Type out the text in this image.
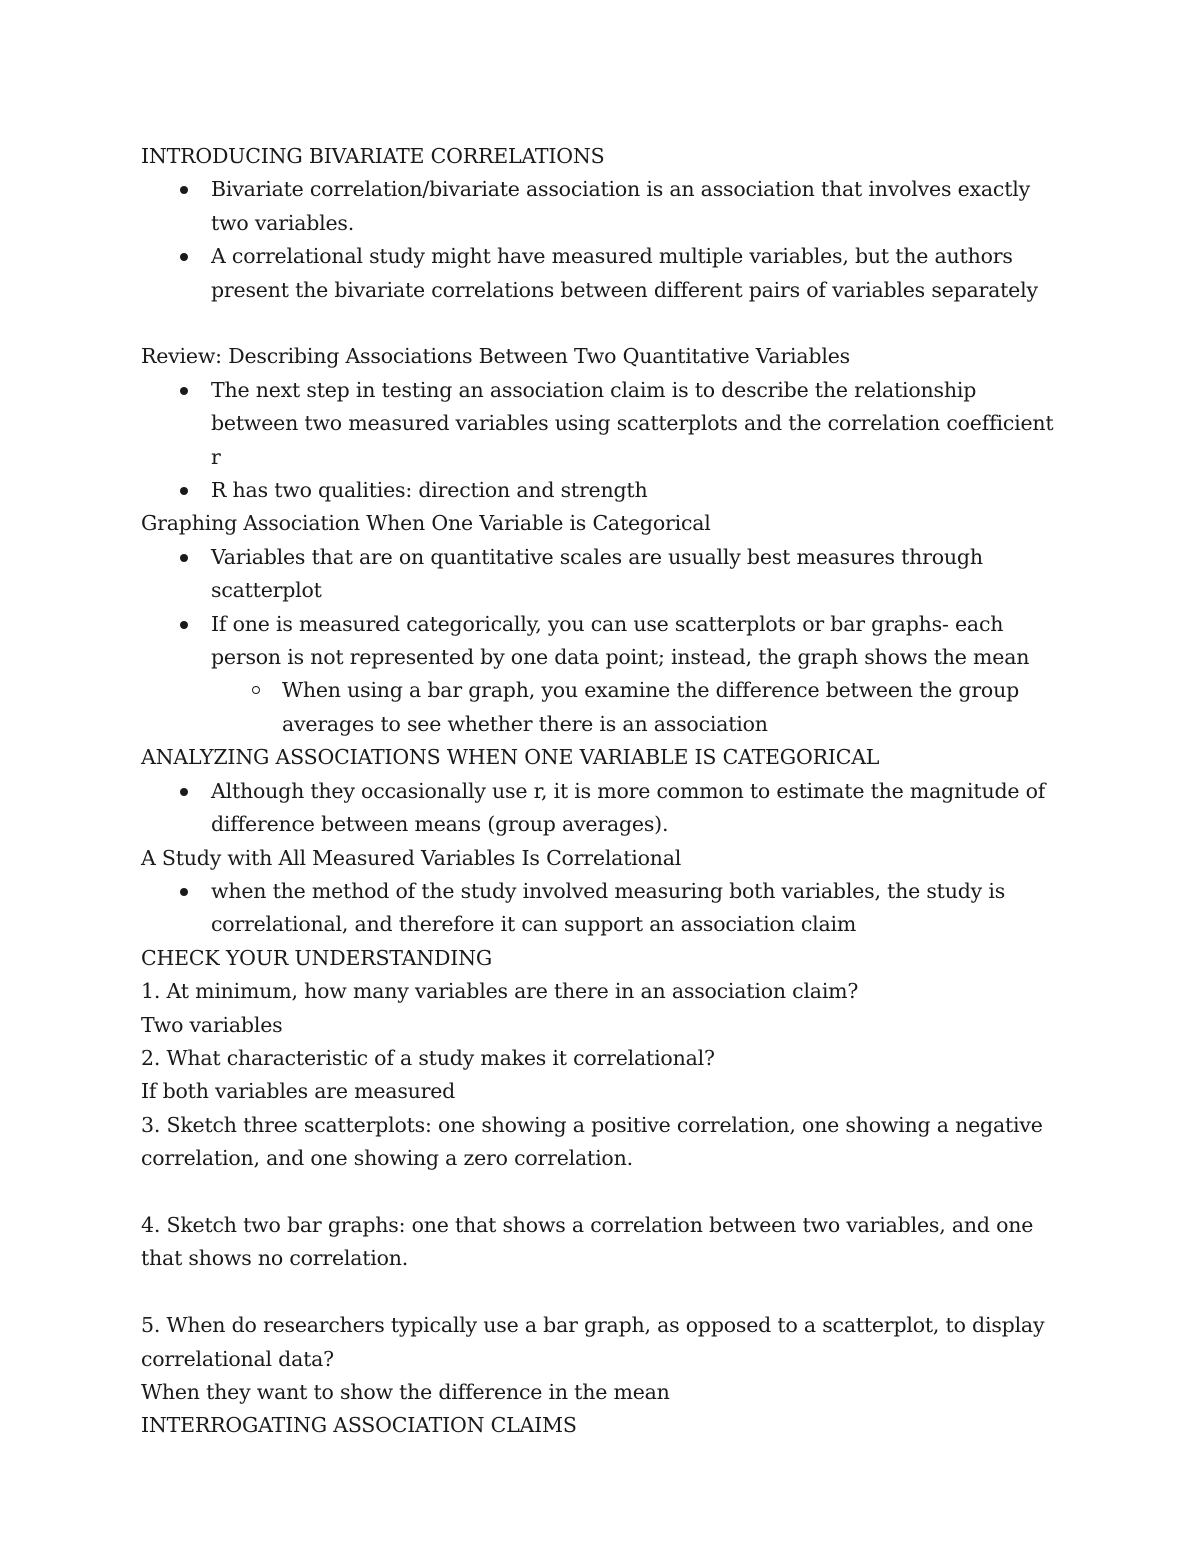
INTRODUCING BIVARIATE CORRELATIONS

Bivariate correlation/bivariate association is an association that involves exactly two variables.
A correlational study might have measured multiple variables, but the authors present the bivariate correlations between different pairs of variables separately

Review: Describing Associations Between Two Quantitative Variables

The next step in testing an association claim is to describe the relationship between two measured variables using scatterplots and the correlation coefficient r
R has two qualities: direction and strength

Graphing Association When One Variable is Categorical

Variables that are on quantitative scales are usually best measures through scatterplot
If one is measured categorically, you can use scatterplots or bar graphs- each person is not represented by one data point; instead, the graph shows the mean
When using a bar graph, you examine the difference between the group averages to see whether there is an association

ANALYZING ASSOCIATIONS WHEN ONE VARIABLE IS CATEGORICAL

Although they occasionally use r, it is more common to estimate the magnitude of difference between means (group averages).

A Study with All Measured Variables Is Correlational

when the method of the study involved measuring both variables, the study is correlational, and therefore it can support an association claim

CHECK YOUR UNDERSTANDING

1. At minimum, how many variables are there in an association claim?

Two variables

2. What characteristic of a study makes it correlational?

If both variables are measured

3. Sketch three scatterplots: one showing a positive correlation, one showing a negative correlation, and one showing a zero correlation.

4. Sketch two bar graphs: one that shows a correlation between two variables, and one that shows no correlation.

5. When do researchers typically use a bar graph, as opposed to a scatterplot, to display correlational data?

When they want to show the difference in the mean

INTERROGATING ASSOCIATION CLAIMS
